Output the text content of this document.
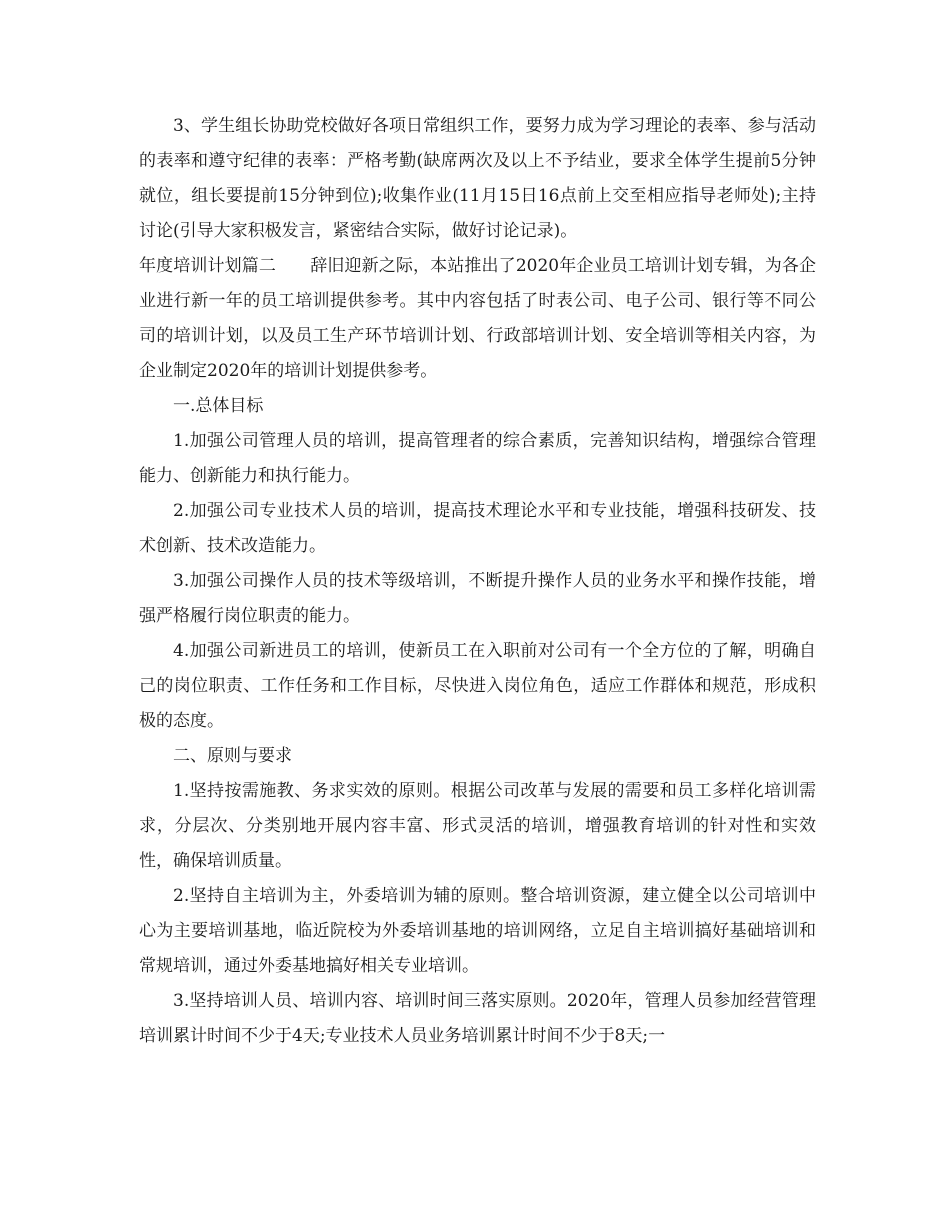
3、学生组长协助党校做好各项日常组织工作，要努力成为学习理论的表率、参与活动的表率和遵守纪律的表率：严格考勤(缺席两次及以上不予结业，要求全体学生提前5分钟就位，组长要提前15分钟到位);收集作业(11月15日16点前上交至相应指导老师处);主持讨论(引导大家积极发言，紧密结合实际，做好讨论记录)。

年度培训计划篇二　　辞旧迎新之际，本站推出了2020年企业员工培训计划专辑，为各企业进行新一年的员工培训提供参考。其中内容包括了时表公司、电子公司、银行等不同公司的培训计划，以及员工生产环节培训计划、行政部培训计划、安全培训等相关内容，为企业制定2020年的培训计划提供参考。

一.总体目标

1.加强公司管理人员的培训，提高管理者的综合素质，完善知识结构，增强综合管理能力、创新能力和执行能力。

2.加强公司专业技术人员的培训，提高技术理论水平和专业技能，增强科技研发、技术创新、技术改造能力。

3.加强公司操作人员的技术等级培训，不断提升操作人员的业务水平和操作技能，增强严格履行岗位职责的能力。

4.加强公司新进员工的培训，使新员工在入职前对公司有一个全方位的了解，明确自己的岗位职责、工作任务和工作目标，尽快进入岗位角色，适应工作群体和规范，形成积极的态度。

二、原则与要求

1.坚持按需施教、务求实效的原则。根据公司改革与发展的需要和员工多样化培训需求，分层次、分类别地开展内容丰富、形式灵活的培训，增强教育培训的针对性和实效性，确保培训质量。

2.坚持自主培训为主，外委培训为辅的原则。整合培训资源，建立健全以公司培训中心为主要培训基地，临近院校为外委培训基地的培训网络，立足自主培训搞好基础培训和常规培训，通过外委基地搞好相关专业培训。

3.坚持培训人员、培训内容、培训时间三落实原则。2020年，管理人员参加经营管理培训累计时间不少于4天;专业技术人员业务培训累计时间不少于8天;一
